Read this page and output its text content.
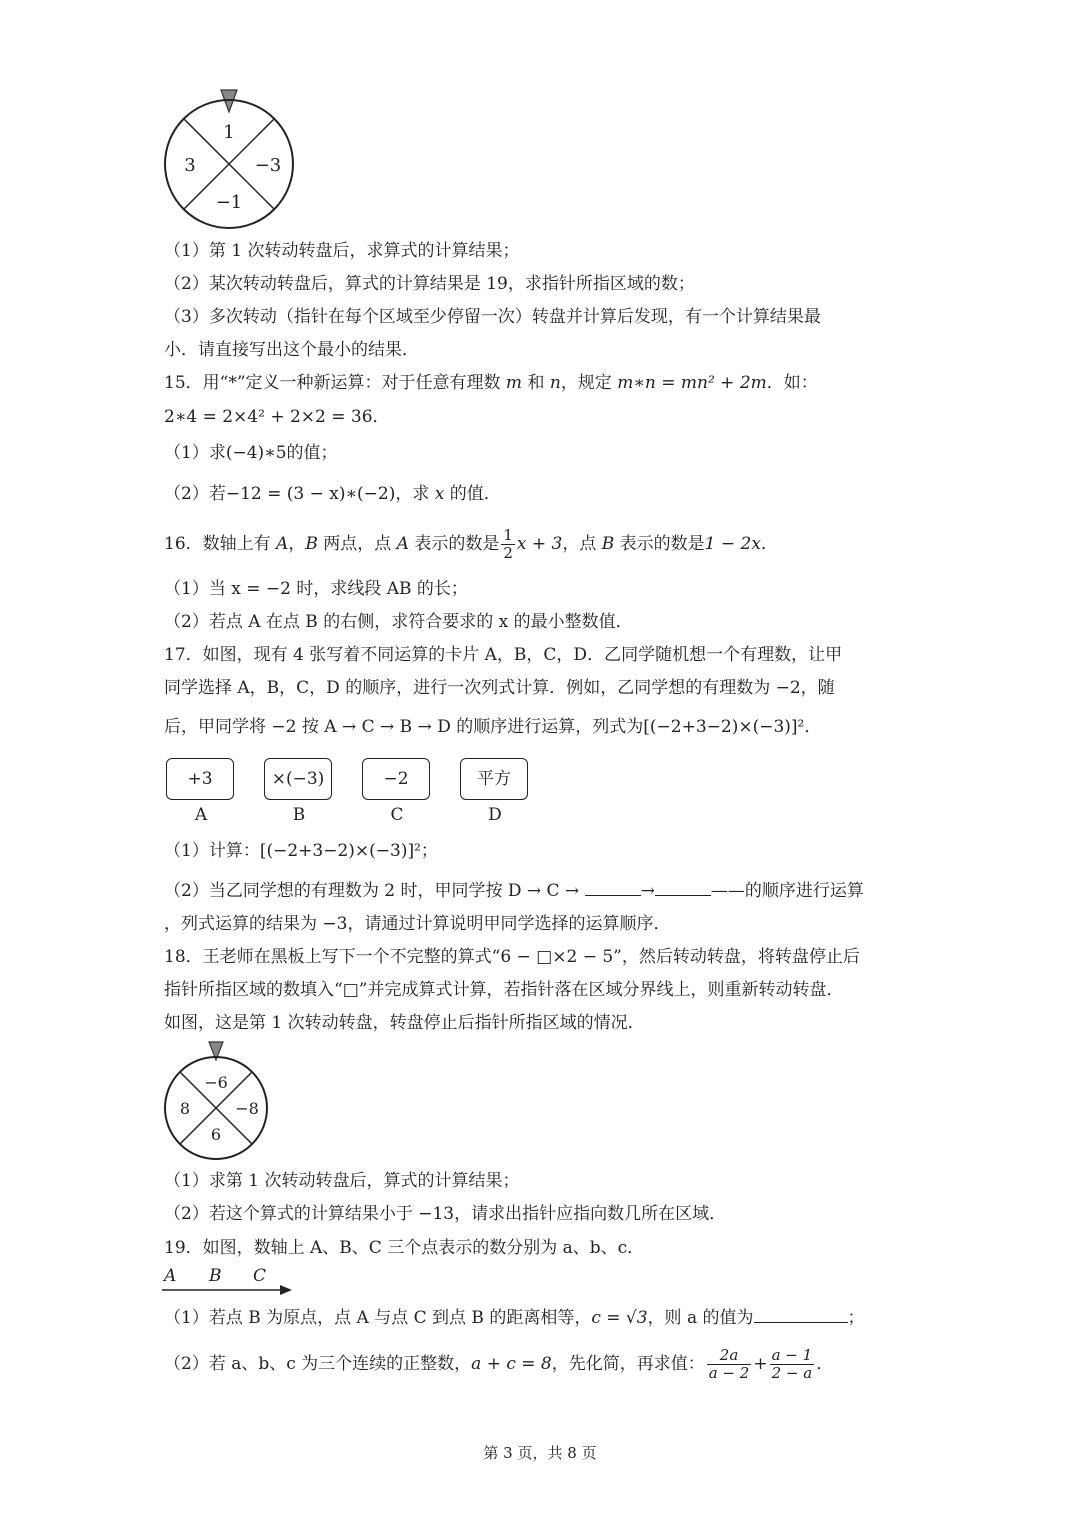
1
3	−3
−1
（1）第 1 次转动转盘后，求算式的计算结果；
（2）某次转动转盘后，算式的计算结果是 19，求指针所指区域的数；
（3）多次转动（指针在每个区域至少停留一次）转盘并计算后发现，有一个计算结果最
小．请直接写出这个最小的结果．
15．用“*”定义一种新运算：对于任意有理数 m 和 n，规定 m∗n = mn² + 2m．如：
2∗4 = 2×4² + 2×2 = 36．
（1）求(−4)∗5的值；
（2）若−12 = (3 − x)∗(−2)，求 x 的值．
16．数轴上有 A，B 两点，点 A 表示的数是 $\frac{1}{2}$ x + 3，点 B 表示的数是1 − 2x．
（1）当 x = −2 时，求线段 AB 的长；
（2）若点 A 在点 B 的右侧，求符合要求的 x 的最小整数值．
17．如图，现有 4 张写着不同运算的卡片 A，B，C，D．乙同学随机想一个有理数，让甲
同学选择 A，B，C，D 的顺序，进行一次列式计算．例如，乙同学想的有理数为 −2，随
后，甲同学将 −2 按 A → C → B → D 的顺序进行运算，列式为[(−2+3−2)×(−3)]²．
+3	×(−3)	−2	平方
A	B	C	D
（1）计算：[(−2+3−2)×(−3)]²；
（2）当乙同学想的有理数为 2 时，甲同学按 D → C →	→	——的顺序进行运算
，列式运算的结果为 −3，请通过计算说明甲同学选择的运算顺序．
18．王老师在黑板上写下一个不完整的算式“6 − □×2 − 5”，然后转动转盘，将转盘停止后
指针所指区域的数填入“□”并完成算式计算，若指针落在区域分界线上，则重新转动转盘．
如图，这是第 1 次转动转盘，转盘停止后指针所指区域的情况．
−6
8	−8
6
（1）求第 1 次转动转盘后，算式的计算结果；
（2）若这个算式的计算结果小于 −13，请求出指针应指向数几所在区域．
19．如图，数轴上 A、B、C 三个点表示的数分别为 a、b、c．
A B C
（1）若点 B 为原点，点 A 与点 C 到点 B 的距离相等，c = √3，则 a 的值为	；
（2）若 a、b、c 为三个连续的正整数，a + c = 8，先化简，再求值： $\frac{2a}{a - 2} + \frac{a - 1}{2 - a}$ ．
第 3 页，共 8 页
